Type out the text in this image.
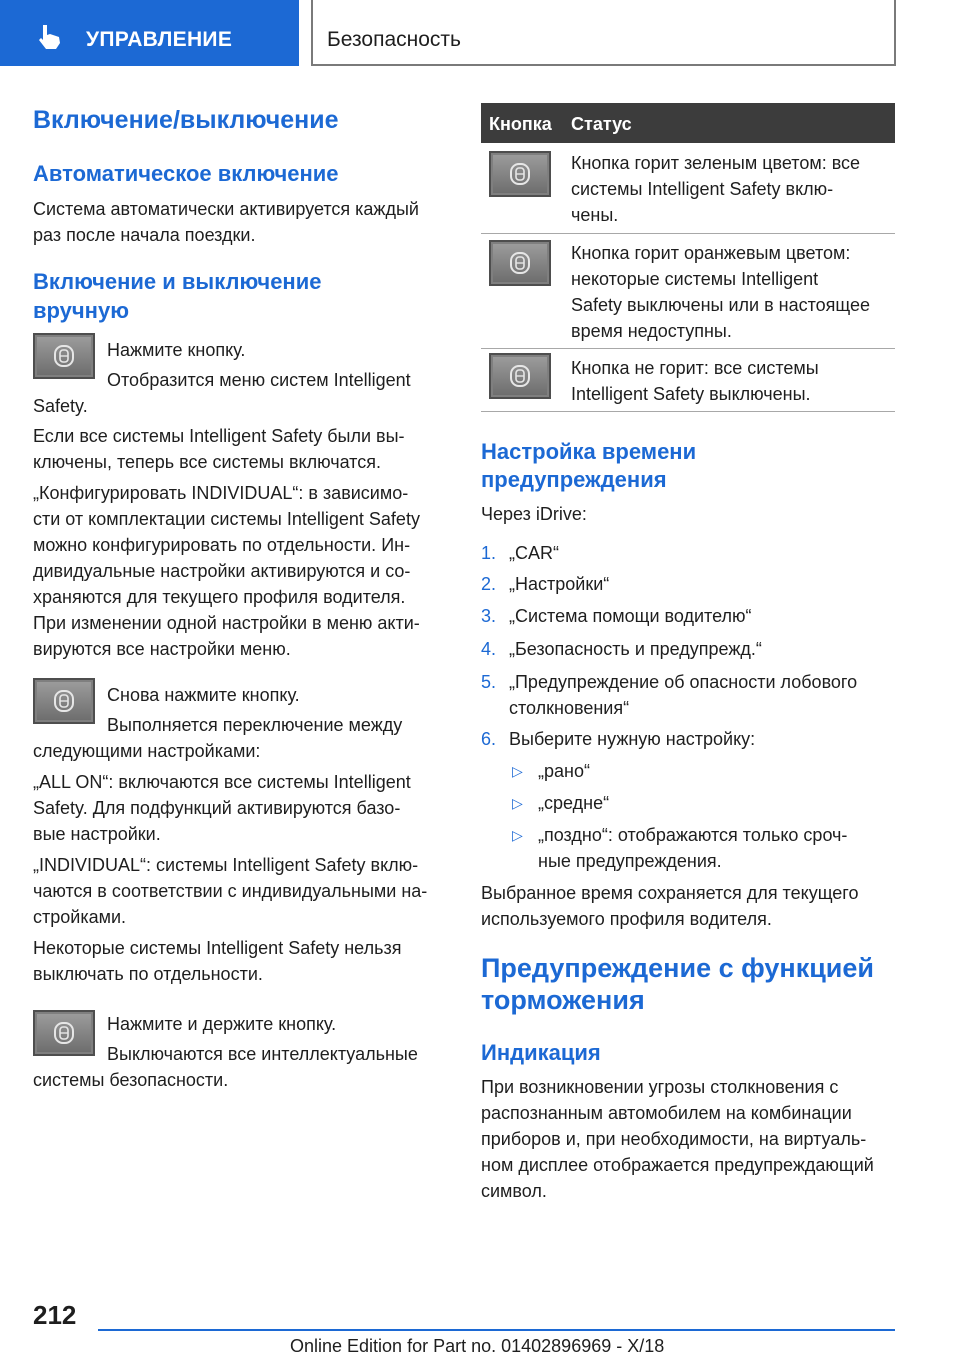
УПРАВЛЕНИЕ	Безопасность
Включение/выключение
Автоматическое включение
Система автоматически активируется каждый
раз после начала поездки.
Включение и выключение
вручную
Нажмите кнопку.
Отобразится меню систем Intelligent
Safety.
Если все системы Intelligent Safety были вы-
ключены, теперь все системы включатся.
„Конфигурировать INDIVIDUAL“: в зависимо-
сти от комплектации системы Intelligent Safety
можно конфигурировать по отдельности. Ин-
дивидуальные настройки активируются и со-
храняются для текущего профиля водителя.
При изменении одной настройки в меню акти-
вируются все настройки меню.
Снова нажмите кнопку.
Выполняется переключение между
следующими настройками:
„ALL ON“: включаются все системы Intelligent
Safety. Для подфункций активируются базо-
вые настройки.
„INDIVIDUAL“: системы Intelligent Safety вклю-
чаются в соответствии с индивидуальными на-
стройками.
Некоторые системы Intelligent Safety нельзя
выключать по отдельности.
Нажмите и держите кнопку.
Выключаются все интеллектуальные
системы безопасности.
Кнопка Статус
Кнопка горит зеленым цветом: все
системы Intelligent Safety вклю-
чены.
Кнопка горит оранжевым цветом:
некоторые системы Intelligent
Safety выключены или в настоящее
время недоступны.
Кнопка не горит: все системы
Intelligent Safety выключены.
Настройка времени
предупреждения
Через iDrive:
1. „CAR“
2. „Настройки“
3. „Система помощи водителю“
4. „Безопасность и предупрежд.“
5. „Предупреждение об опасности лобового
столкновения“
6. Выберите нужную настройку:
▷ „рано“
▷ „средне“
▷ „поздно“: отображаются только сроч-
ные предупреждения.
Выбранное время сохраняется для текущего
используемого профиля водителя.
Предупреждение с функцией
торможения
Индикация
При возникновении угрозы столкновения с
распознанным автомобилем на комбинации
приборов и, при необходимости, на виртуаль-
ном дисплее отображается предупреждающий
символ.
212
Online Edition for Part no. 01402896969 - X/18
